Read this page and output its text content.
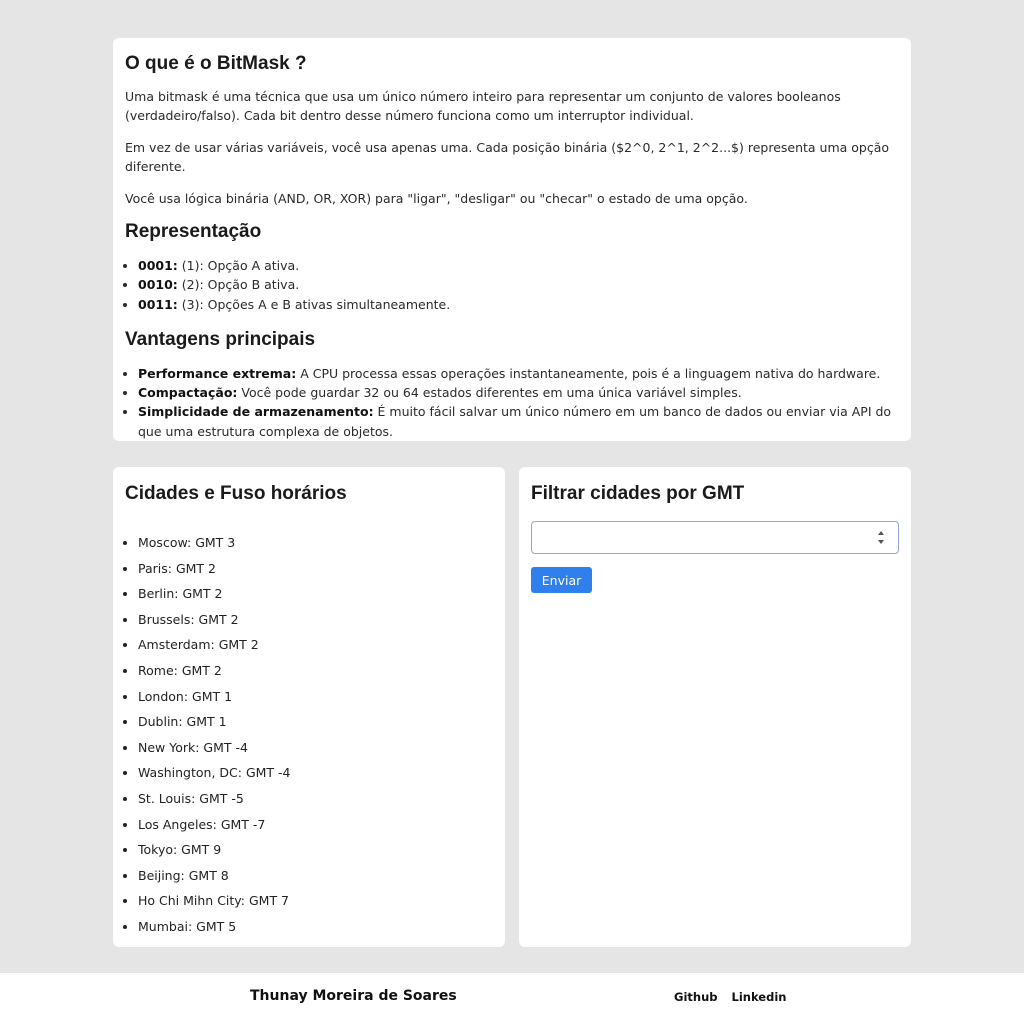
O que é o BitMask ?

Uma bitmask é uma técnica que usa um único número inteiro para representar um conjunto de valores booleanos (verdadeiro/falso). Cada bit dentro desse número funciona como um interruptor individual.

Em vez de usar várias variáveis, você usa apenas uma. Cada posição binária ($2^0, 2^1, 2^2...$) representa uma opção diferente.

Você usa lógica binária (AND, OR, XOR) para "ligar", "desligar" ou "checar" o estado de uma opção.

Representação
• 0001: (1): Opção A ativa.
• 0010: (2): Opção B ativa.
• 0011: (3): Opções A e B ativas simultaneamente.
Vantagens principais
• Performance extrema: A CPU processa essas operações instantaneamente, pois é a linguagem nativa do hardware.
• Compactação: Você pode guardar 32 ou 64 estados diferentes em uma única variável simples.
• Simplicidade de armazenamento: É muito fácil salvar um único número em um banco de dados ou enviar via API do que uma estrutura complexa de objetos.
Cidades e Fuso horários
• Moscow: GMT 3
• Paris: GMT 2
• Berlin: GMT 2
• Brussels: GMT 2
• Amsterdam: GMT 2
• Rome: GMT 2
• London: GMT 1
• Dublin: GMT 1
• New York: GMT -4
• Washington, DC: GMT -4
• St. Louis: GMT -5
• Los Angeles: GMT -7
• Tokyo: GMT 9
• Beijing: GMT 8
• Ho Chi Mihn City: GMT 7
• Mumbai: GMT 5
Filtrar cidades por GMT
Enviar
Thunay Moreira de Soares	Github Linkedin
